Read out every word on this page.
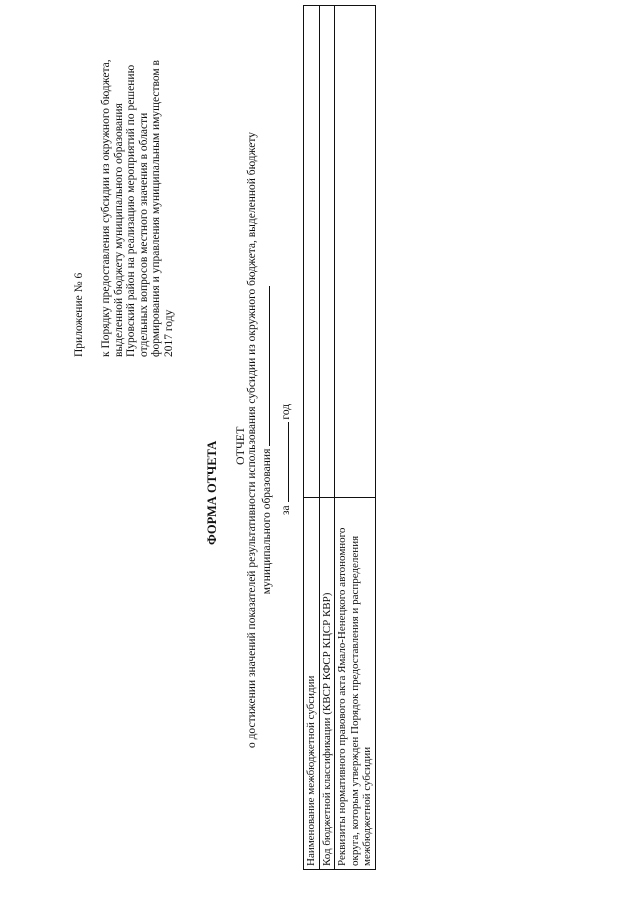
Приложение № 6 к Порядку предоставления субсидии из окружного бюджета, выделенной бюджету муниципального образования Пуровский район на реализацию мероприятий по решению отдельных вопросов местного значения в области формирования и управления муниципальным имуществом в 2017 году
ФОРМА ОТЧЕТА ОТЧЕТ о достижении значений показателей результативности использования субсидии из окружного бюджета, выделенной бюджету муниципального образования за  год
Наименование межбюджетной субсидии	
Код бюджетной классификации (КВСР КФСР КЦСР КВР)	
Реквизиты нормативного правового акта Ямало-Ненецкого автономного округа, которым утвержден Порядок предоставления и распределения межбюджетной субсидии	
